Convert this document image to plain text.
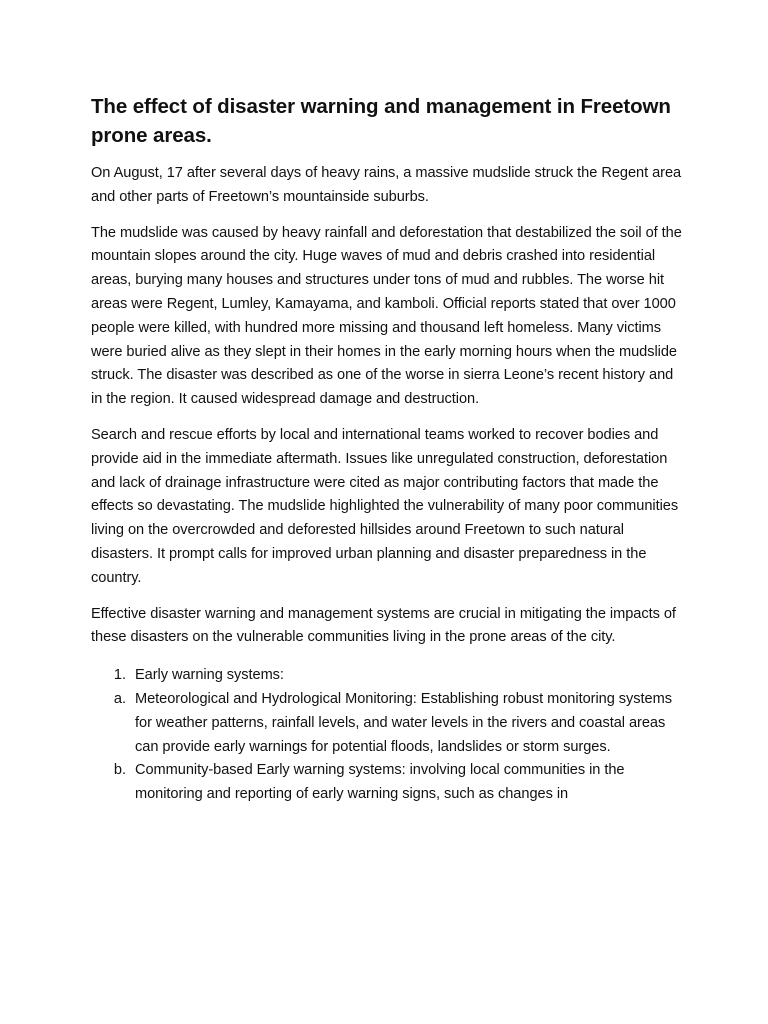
The effect of disaster warning and management in Freetown prone areas.

On August, 17 after several days of heavy rains, a massive mudslide struck the Regent area and other parts of Freetown’s mountainside suburbs.

The mudslide was caused by heavy rainfall and deforestation that destabilized the soil of the mountain slopes around the city. Huge waves of mud and debris crashed into residential areas, burying many houses and structures under tons of mud and rubbles. The worse hit areas were Regent, Lumley, Kamayama, and kamboli. Official reports stated that over 1000 people were killed, with hundred more missing and thousand left homeless. Many victims were buried alive as they slept in their homes in the early morning hours when the mudslide struck. The disaster was described as one of the worse in sierra Leone’s recent history and in the region. It caused widespread damage and destruction.

Search and rescue efforts by local and international teams worked to recover bodies and provide aid in the immediate aftermath. Issues like unregulated construction, deforestation and lack of drainage infrastructure were cited as major contributing factors that made the effects so devastating. The mudslide highlighted the vulnerability of many poor communities living on the overcrowded and deforested hillsides around Freetown to such natural disasters. It prompt calls for improved urban planning and disaster preparedness in the country.

Effective disaster warning and management systems are crucial in mitigating the impacts of these disasters on the vulnerable communities living in the prone areas of the city.

1. Early warning systems:
a. Meteorological and Hydrological Monitoring: Establishing robust monitoring systems for weather patterns, rainfall levels, and water levels in the rivers and coastal areas can provide early warnings for potential floods, landslides or storm surges.
b. Community-based Early warning systems: involving local communities in the monitoring and reporting of early warning signs, such as changes in
